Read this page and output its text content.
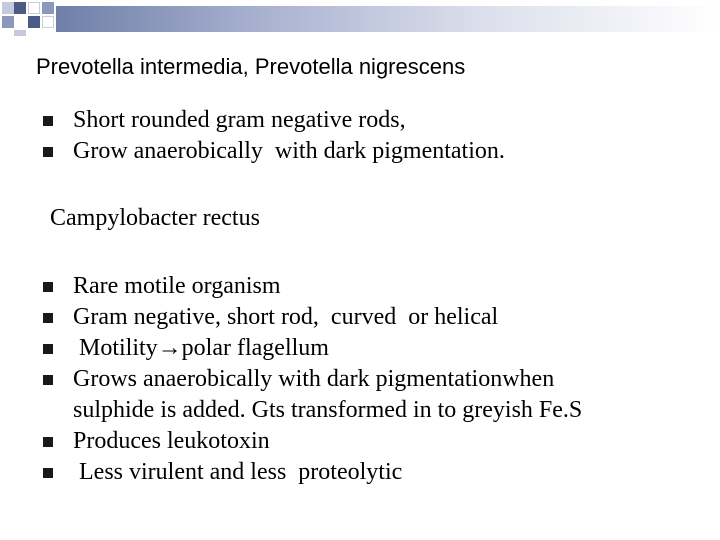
Prevotella intermedia, Prevotella nigrescens
Short rounded gram negative rods,
Grow anaerobically  with dark pigmentation.
Campylobacter rectus
Rare motile organism
Gram negative, short rod,  curved  or helical
Motility→polar flagellum
Grows anaerobically with dark pigmentationwhen
sulphide is added. Gts transformed in to greyish Fe.S
Produces leukotoxin
Less virulent and less  proteolytic
